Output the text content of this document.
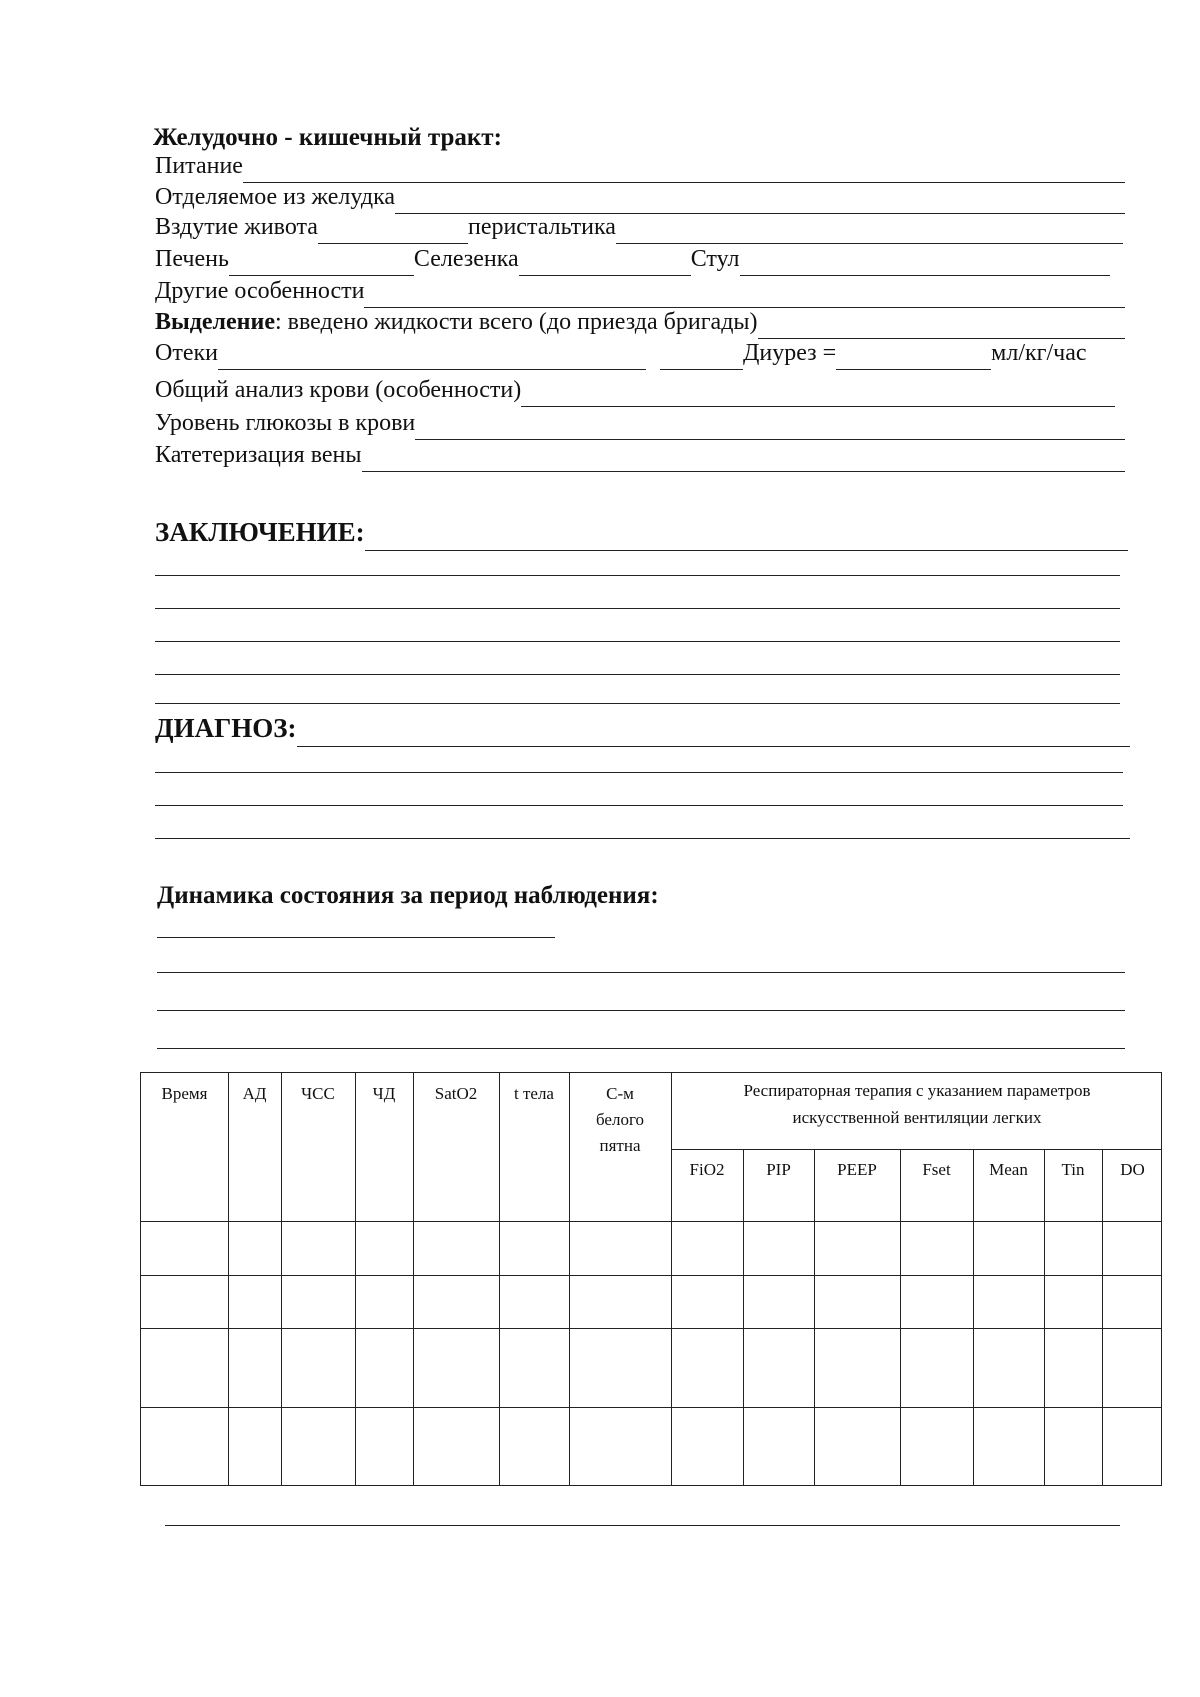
Желудочно - кишечный тракт:
Питание
Отделяемое из желудка
Вздутие живота	перистальтика
Печень	Селезенка	Стул
Другие особенности
Выделение : введено жидкости всего (до приезда бригады)
Отеки	Диурез =	мл/кг/час
Общий анализ крови (особенности)
Уровень глюкозы в крови
Катетеризация вены
ЗАКЛЮЧЕНИЕ:
ДИАГНОЗ:
Динамика состояния за период наблюдения:
Время	АД	ЧСС	ЧД	SatO2	t тела	С-м
белого
пятна
Респираторная терапия с указанием параметров
искусственной вентиляции легких
FiO2	PIP	PEEP	Fset	Mean	Tin	DO
